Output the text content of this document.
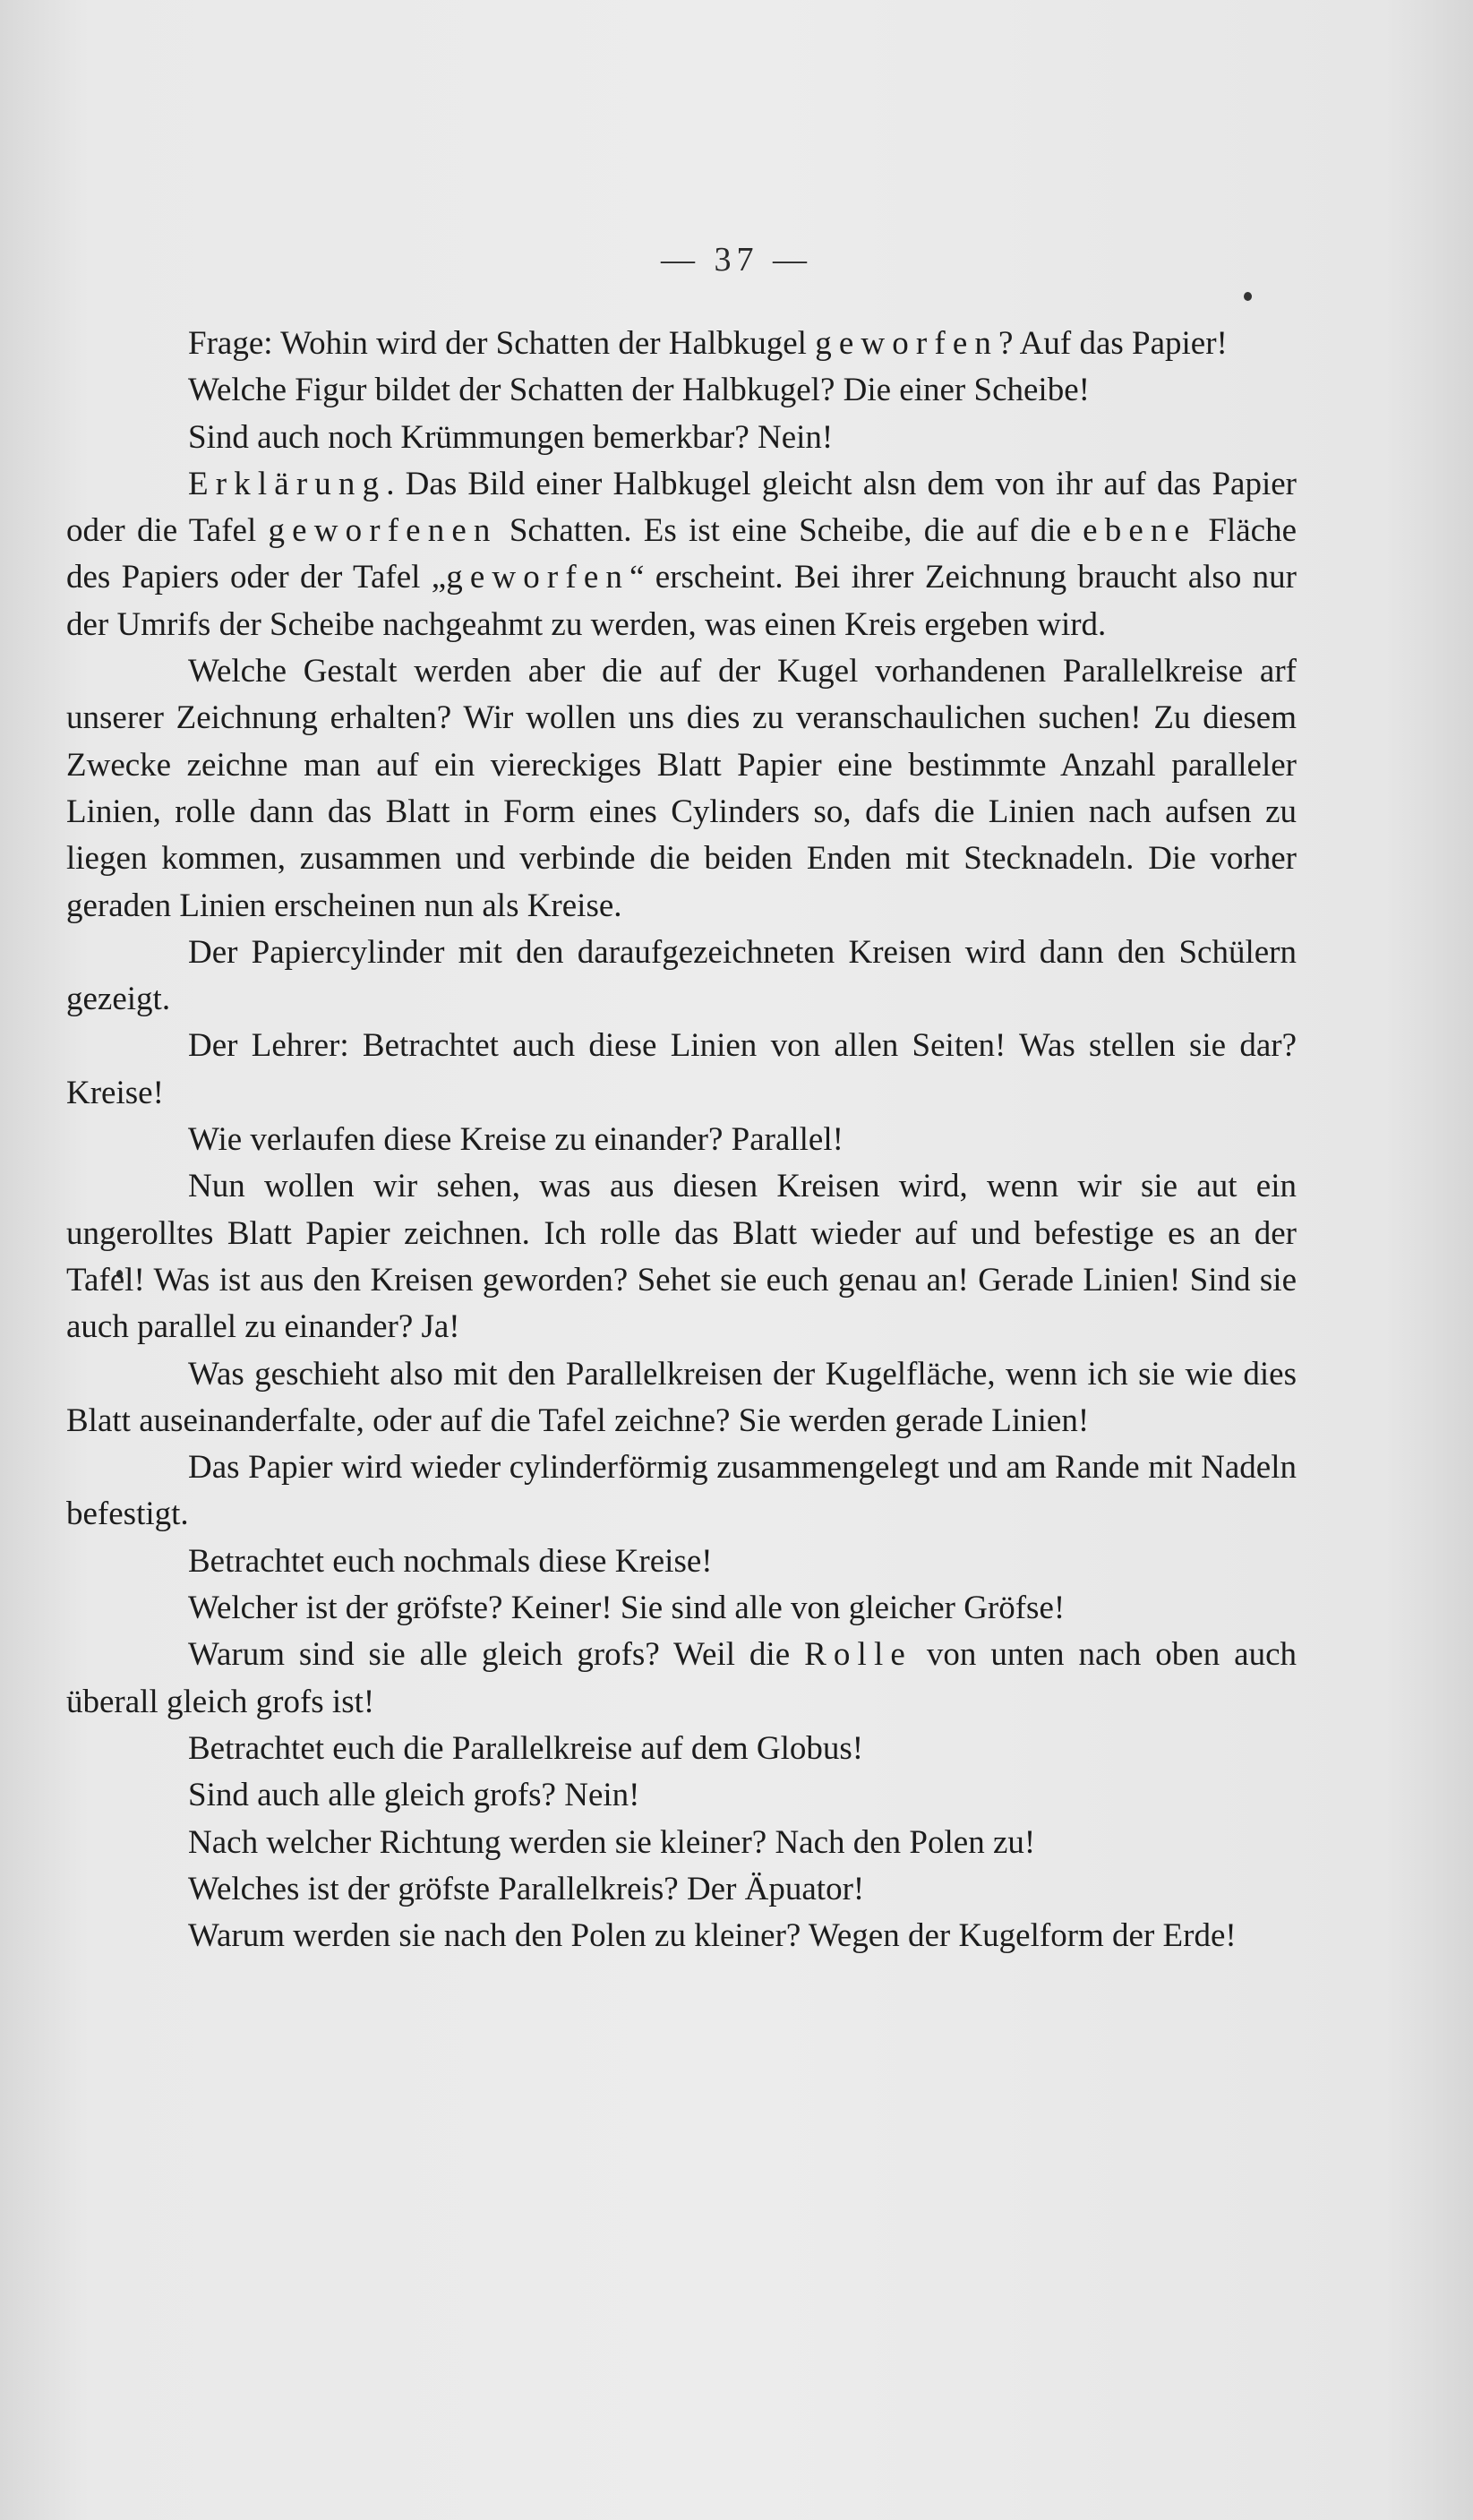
— 37 —

Frage: Wohin wird der Schatten der Halbkugel geworfen? Auf das Papier!

Welche Figur bildet der Schatten der Halbkugel? Die einer Scheibe!

Sind auch noch Krümmungen bemerkbar? Nein!

Erklärung. Das Bild einer Halbkugel gleicht alsn dem von ihr auf das Papier oder die Tafel geworfenen Schatten. Es ist eine Scheibe, die auf die ebene Fläche des Papiers oder der Tafel „geworfen“ erscheint. Bei ihrer Zeichnung braucht also nur der Umrifs der Scheibe nachgeahmt zu werden, was einen Kreis ergeben wird.

Welche Gestalt werden aber die auf der Kugel vorhandenen Parallelkreise arf unserer Zeichnung erhalten? Wir wollen uns dies zu veranschaulichen suchen! Zu diesem Zwecke zeichne man auf ein viereckiges Blatt Papier eine bestimmte Anzahl paralleler Linien, rolle dann das Blatt in Form eines Cylinders so, dafs die Linien nach aufsen zu liegen kommen, zusammen und verbinde die beiden Enden mit Stecknadeln. Die vorher geraden Linien erscheinen nun als Kreise.

Der Papiercylinder mit den daraufgezeichneten Kreisen wird dann den Schülern gezeigt.

Der Lehrer: Betrachtet auch diese Linien von allen Seiten! Was stellen sie dar? Kreise!

Wie verlaufen diese Kreise zu einander? Parallel!

Nun wollen wir sehen, was aus diesen Kreisen wird, wenn wir sie aut ein ungerolltes Blatt Papier zeichnen. Ich rolle das Blatt wieder auf und befestige es an der Tafel! Was ist aus den Kreisen geworden? Sehet sie euch genau an! Gerade Linien! Sind sie auch parallel zu einander? Ja!

Was geschieht also mit den Parallelkreisen der Kugelfläche, wenn ich sie wie dies Blatt auseinanderfalte, oder auf die Tafel zeichne? Sie werden gerade Linien!

Das Papier wird wieder cylinderförmig zusammengelegt und am Rande mit Nadeln befestigt.

Betrachtet euch nochmals diese Kreise!

Welcher ist der gröfste? Keiner! Sie sind alle von gleicher Gröfse!

Warum sind sie alle gleich grofs? Weil die Rolle von unten nach oben auch überall gleich grofs ist!

Betrachtet euch die Parallelkreise auf dem Globus!

Sind auch alle gleich grofs? Nein!

Nach welcher Richtung werden sie kleiner? Nach den Polen zu!

Welches ist der gröfste Parallelkreis? Der Äpuator!

Warum werden sie nach den Polen zu kleiner? Wegen der Kugelform der Erde!
